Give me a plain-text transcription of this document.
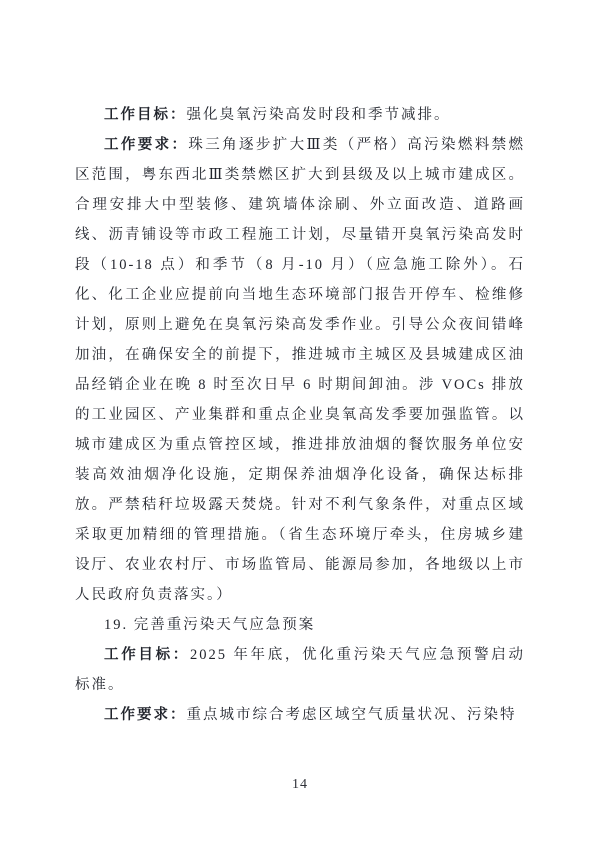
工作目标：强化臭氧污染高发时段和季节减排。

工作要求：珠三角逐步扩大Ⅲ类（严格）高污染燃料禁燃区范围，粤东西北Ⅲ类禁燃区扩大到县级及以上城市建成区。合理安排大中型装修、建筑墙体涂刷、外立面改造、道路画线、沥青铺设等市政工程施工计划，尽量错开臭氧污染高发时段（10-18 点）和季节（8 月-10 月）（应急施工除外）。石化、化工企业应提前向当地生态环境部门报告开停车、检维修计划，原则上避免在臭氧污染高发季作业。引导公众夜间错峰加油，在确保安全的前提下，推进城市主城区及县城建成区油品经销企业在晚 8 时至次日早 6 时期间卸油。涉 VOCs 排放的工业园区、产业集群和重点企业臭氧高发季要加强监管。以城市建成区为重点管控区域，推进排放油烟的餐饮服务单位安装高效油烟净化设施，定期保养油烟净化设备，确保达标排放。严禁秸秆垃圾露天焚烧。针对不利气象条件，对重点区域采取更加精细的管理措施。（省生态环境厅牵头，住房城乡建设厅、农业农村厅、市场监管局、能源局参加，各地级以上市人民政府负责落实。）

19. 完善重污染天气应急预案

工作目标：2025 年年底，优化重污染天气应急预警启动标准。

工作要求：重点城市综合考虑区域空气质量状况、污染特

14
